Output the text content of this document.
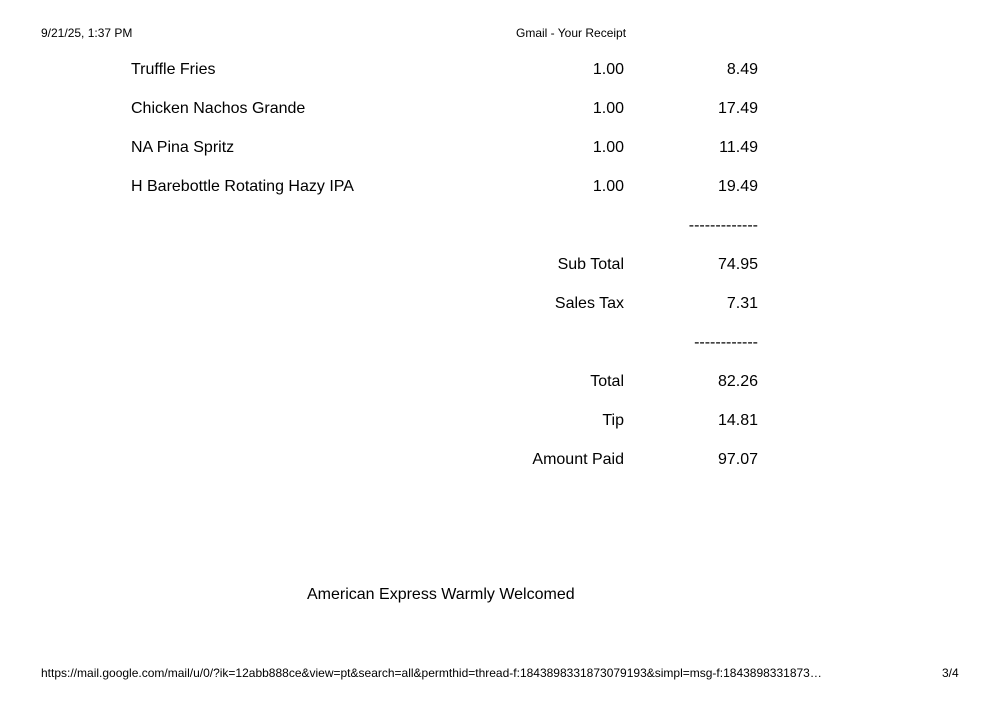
9/21/25, 1:37 PM	Gmail - Your Receipt
Truffle Fries	1.00	8.49
Chicken Nachos Grande	1.00	17.49
NA Pina Spritz	1.00	11.49
H Barebottle Rotating Hazy IPA	1.00	19.49
-------------
Sub Total	74.95
Sales Tax	7.31
------------
Total	82.26
Tip	14.81
Amount Paid	97.07
American Express Warmly Welcomed
https://mail.google.com/mail/u/0/?ik=12abb888ce&view=pt&search=all&permthid=thread-f:1843898331873079193&simpl=msg-f:1843898331873…	3/4
